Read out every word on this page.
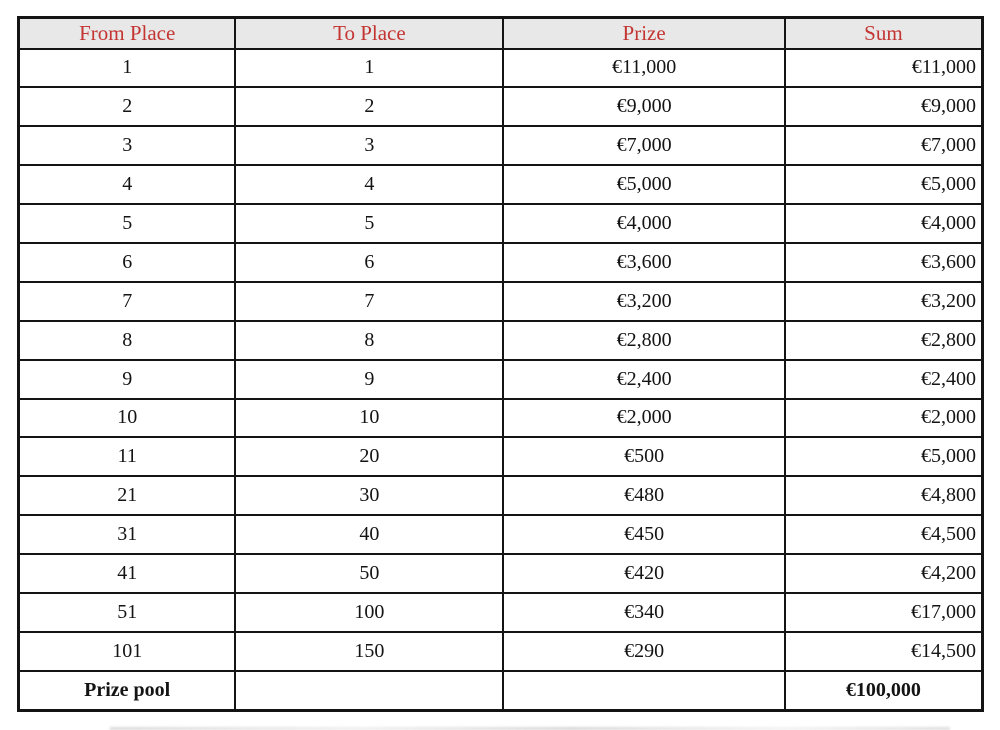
From Place	To Place	Prize	Sum
1	1	€11,000	€11,000
2	2	€9,000	€9,000
3	3	€7,000	€7,000
4	4	€5,000	€5,000
5	5	€4,000	€4,000
6	6	€3,600	€3,600
7	7	€3,200	€3,200
8	8	€2,800	€2,800
9	9	€2,400	€2,400
10	10	€2,000	€2,000
11	20	€500	€5,000
21	30	€480	€4,800
31	40	€450	€4,500
41	50	€420	€4,200
51	100	€340	€17,000
101	150	€290	€14,500
Prize pool			€100,000
